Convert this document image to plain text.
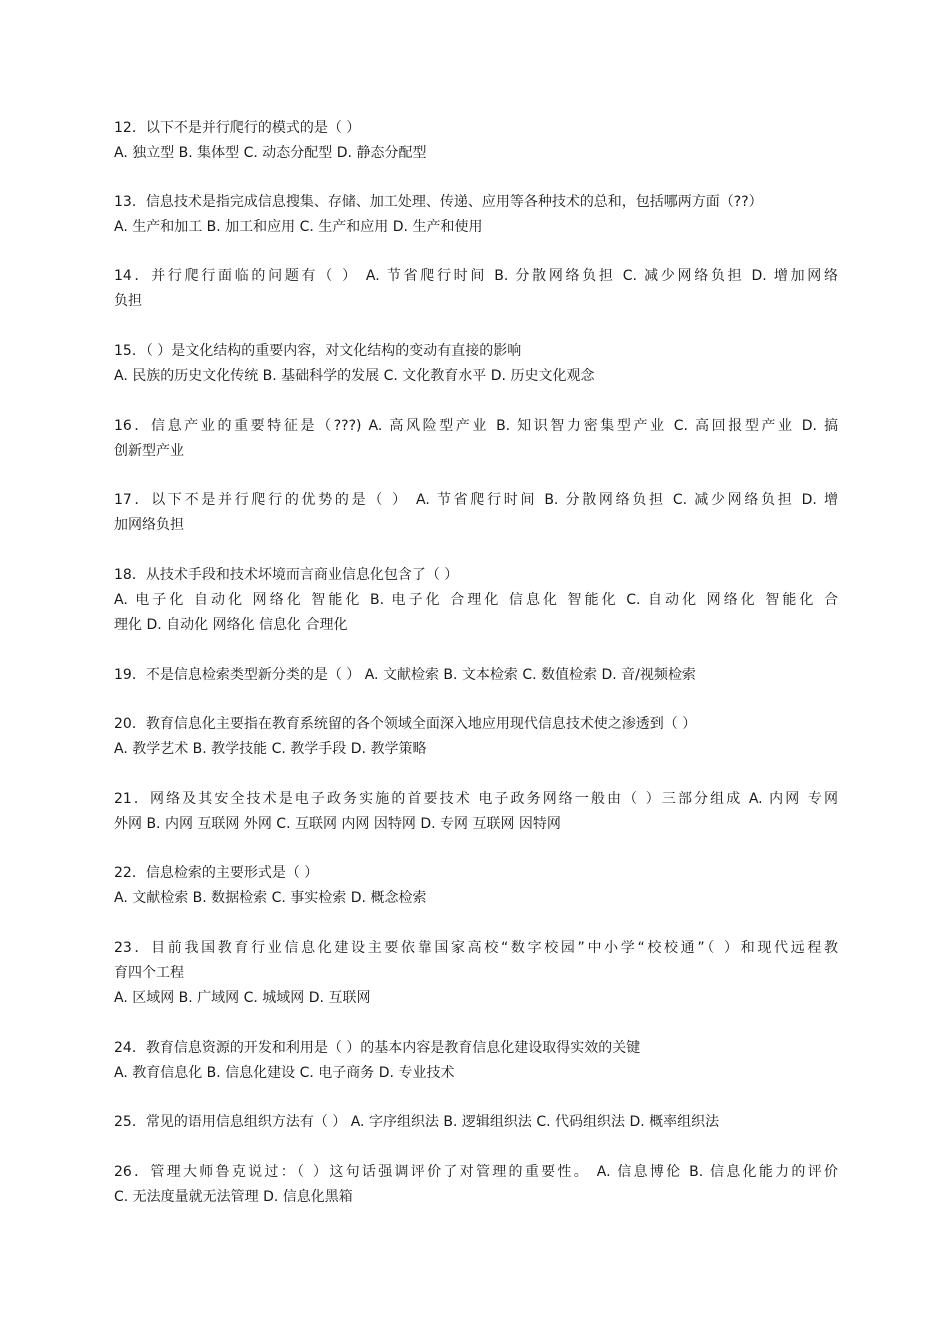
12．以下不是并行爬行的模式的是（ ）
A. 独立型 B. 集体型 C. 动态分配型 D. 静态分配型
13．信息技术是指完成信息搜集、存储、加工处理、传递、应用等各种技术的总和，包括哪两方面（??）
A. 生产和加工 B. 加工和应用 C. 生产和应用 D. 生产和使用
14．并行爬行面临的问题有（ ） A. 节省爬行时间 B. 分散网络负担 C. 减少网络负担 D. 增加网络
负担
15．（ ）是文化结构的重要内容，对文化结构的变动有直接的影响
A. 民族的历史文化传统 B. 基础科学的发展 C. 文化教育水平 D. 历史文化观念
16．信息产业的重要特征是（???) A. 高风险型产业 B. 知识智力密集型产业 C. 高回报型产业 D. 搞
创新型产业
17．以下不是并行爬行的优势的是（ ） A. 节省爬行时间 B. 分散网络负担 C. 减少网络负担 D. 增
加网络负担
18．从技术手段和技术坏境而言商业信息化包含了（ ）
A. 电子化 自动化 网络化 智能化 B. 电子化 合理化 信息化 智能化 C. 自动化 网络化 智能化 合
理化 D. 自动化 网络化 信息化 合理化
19．不是信息检索类型新分类的是（ ） A. 文献检索 B. 文本检索 C. 数值检索 D. 音/视频检索
20．教育信息化主要指在教育系统留的各个领域全面深入地应用现代信息技术使之渗透到（ ）
A. 教学艺术 B. 教学技能 C. 教学手段 D. 教学策略
21．网络及其安全技术是电子政务实施的首要技术 电子政务网络一般由（ ）三部分组成 A. 内网 专网
外网 B. 内网 互联网 外网 C. 互联网 内网 因特网 D. 专网 互联网 因特网
22．信息检索的主要形式是（ ）
A. 文献检索 B. 数据检索 C. 事实检索 D. 概念检索
23．目前我国教育行业信息化建设主要依靠国家高校“数字校园”中小学“校校通”（ ）和现代远程教
育四个工程
A. 区域网 B. 广域网 C. 城域网 D. 互联网
24．教育信息资源的开发和利用是（ ）的基本内容是教育信息化建设取得实效的关键
A. 教育信息化 B. 信息化建设 C. 电子商务 D. 专业技术
25．常见的语用信息组织方法有（ ） A. 字序组织法 B. 逻辑组织法 C. 代码组织法 D. 概率组织法
26．管理大师鲁克说过：（ ）这句话强调评价了对管理的重要性。 A. 信息博伦 B. 信息化能力的评价
C. 无法度量就无法管理 D. 信息化黑箱
